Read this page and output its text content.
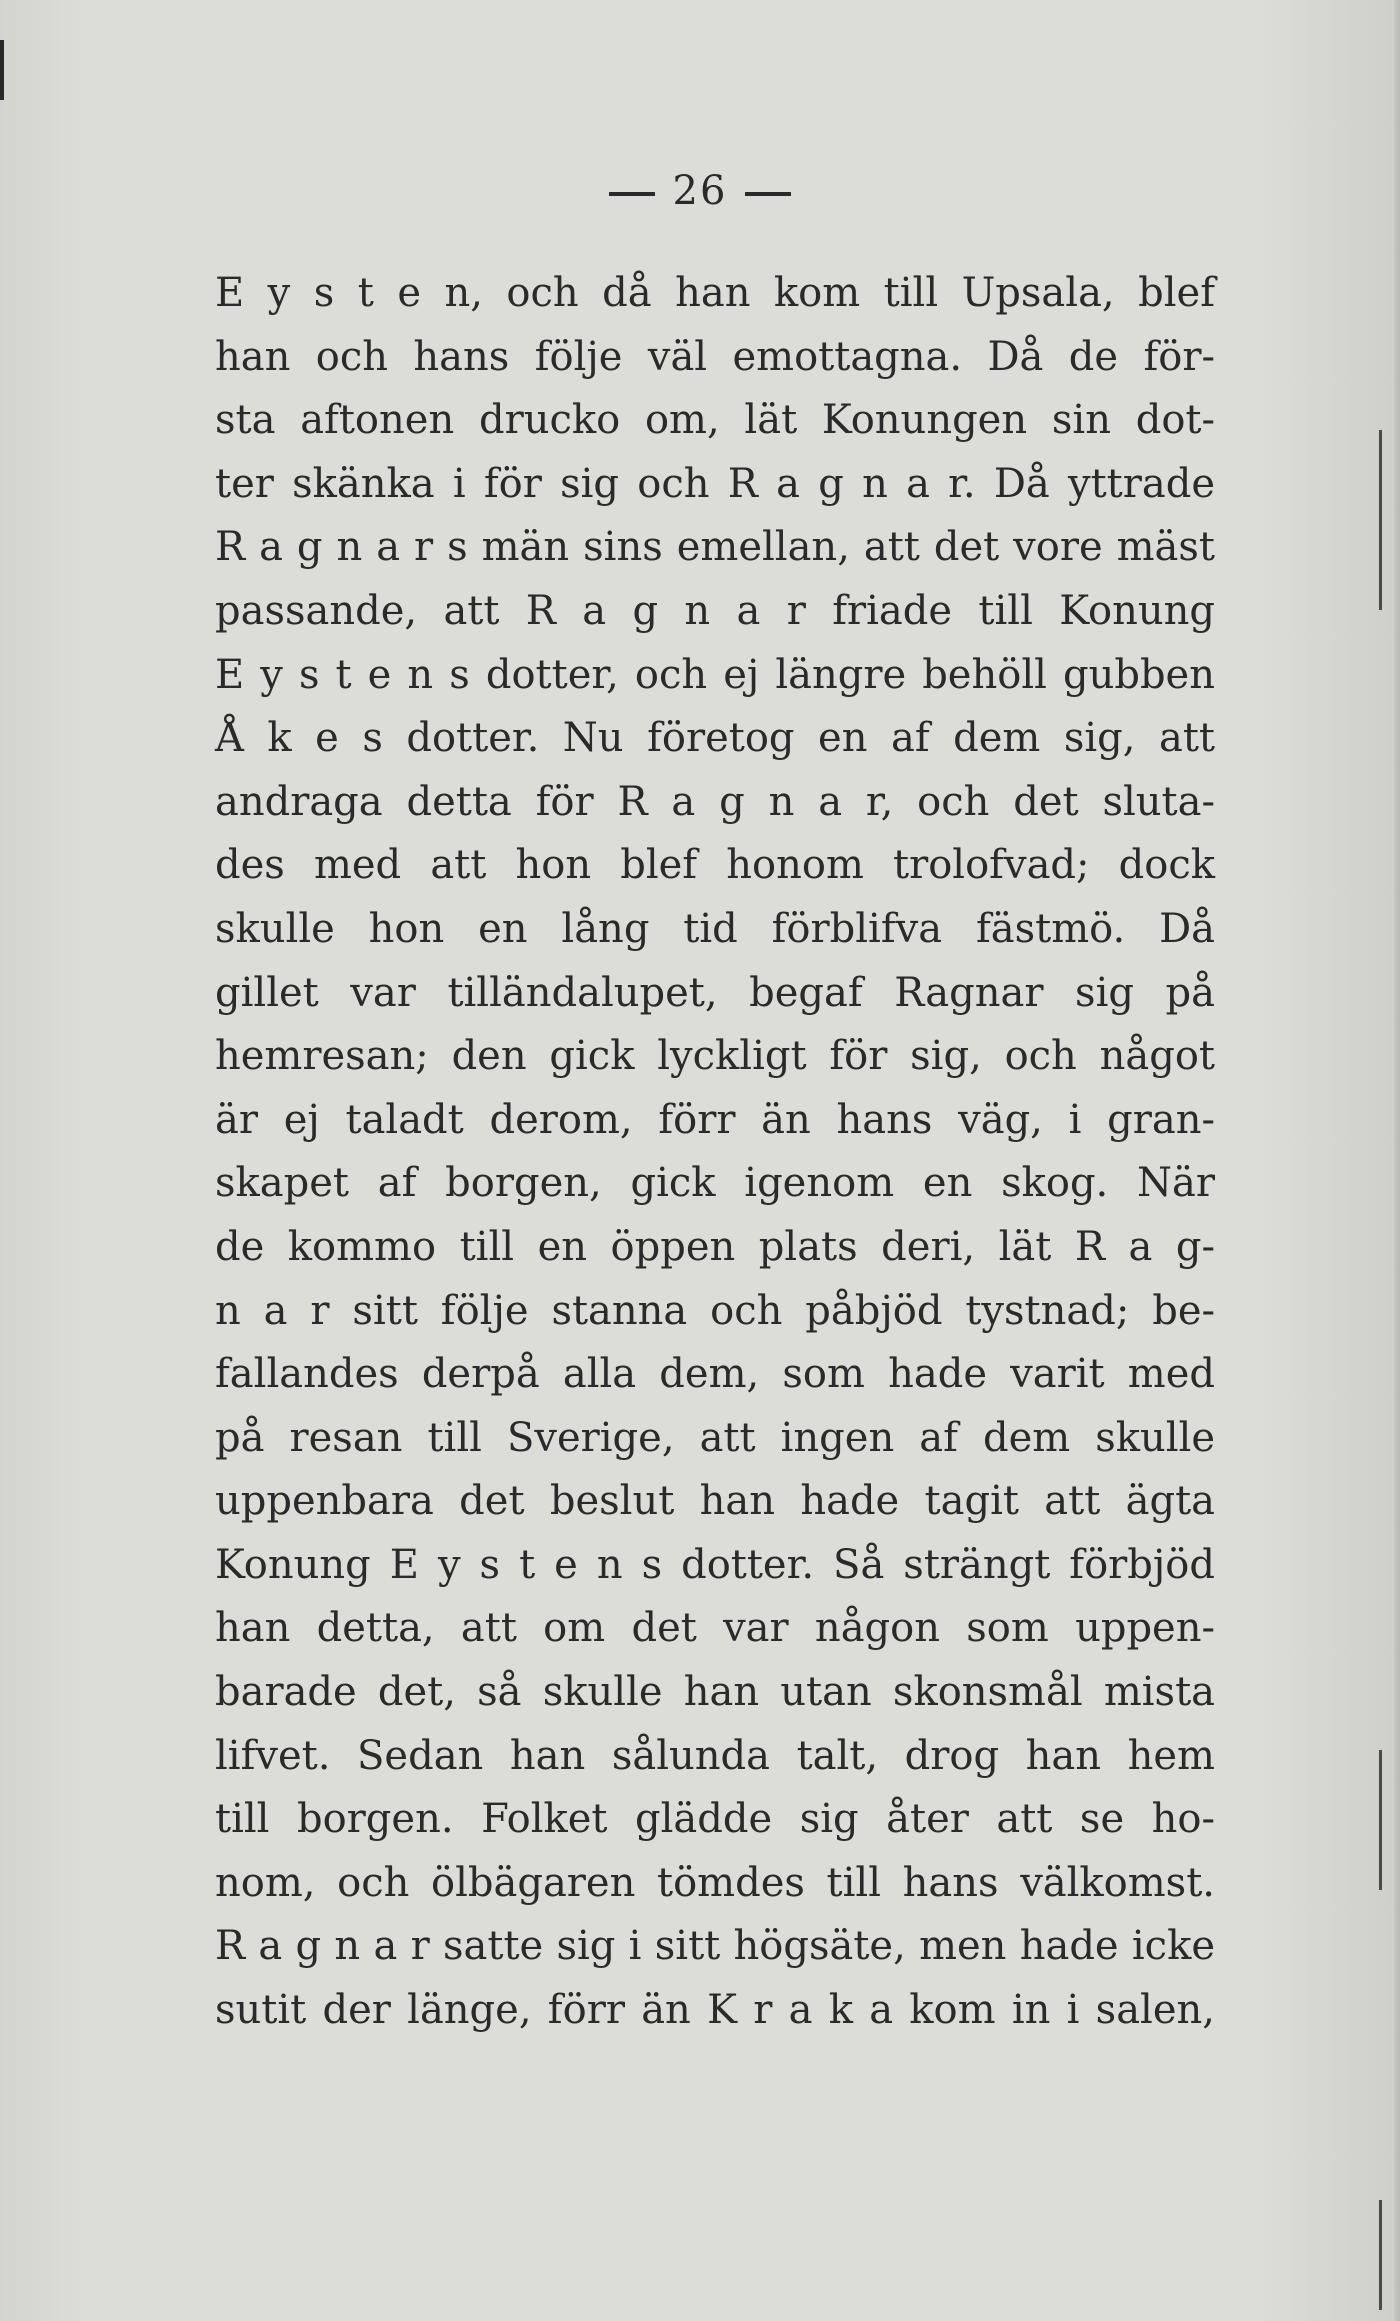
26
E y s t e n, och då han kom till Upsala, blef
han och hans följe väl emottagna. Då de för-
sta aftonen drucko om, lät Konungen sin dot-
ter skänka i för sig och R a g n a r. Då yttrade
R a g n a r s män sins emellan, att det vore mäst
passande, att R a g n a r friade till Konung
E y s t e n s dotter, och ej längre behöll gubben
Å k e s dotter. Nu företog en af dem sig, att
andraga detta för R a g n a r, och det sluta-
des med att hon blef honom trolofvad; dock
skulle hon en lång tid förblifva fästmö. Då
gillet var tilländalupet, begaf Ragnar sig på
hemresan; den gick lyckligt för sig, och något
är ej taladt derom, förr än hans väg, i gran-
skapet af borgen, gick igenom en skog. När
de kommo till en öppen plats deri, lät R a g-
n a r sitt följe stanna och påbjöd tystnad; be-
fallandes derpå alla dem, som hade varit med
på resan till Sverige, att ingen af dem skulle
uppenbara det beslut han hade tagit att ägta
Konung E y s t e n s dotter. Så strängt förbjöd
han detta, att om det var någon som uppen-
barade det, så skulle han utan skonsmål mista
lifvet. Sedan han sålunda talt, drog han hem
till borgen. Folket glädde sig åter att se ho-
nom, och ölbägaren tömdes till hans välkomst.
R a g n a r satte sig i sitt högsäte, men hade icke
sutit der länge, förr än K r a k a kom in i salen,
